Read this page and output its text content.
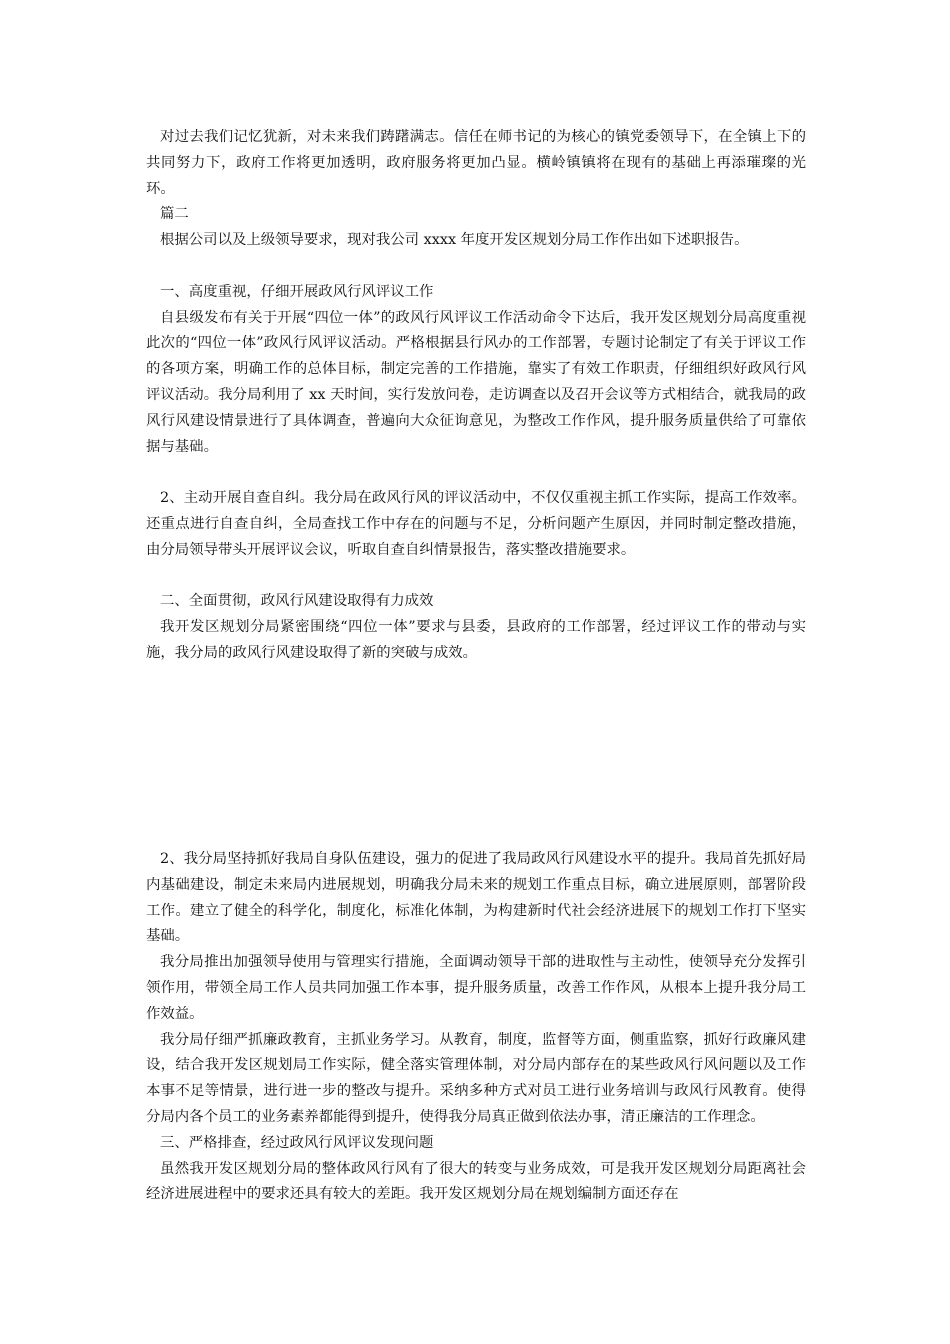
对过去我们记忆犹新，对未来我们踌躇满志。信任在师书记的为核心的镇党委领导下，在全镇上下的共同努力下，政府工作将更加透明，政府服务将更加凸显。横岭镇镇将在现有的基础上再添璀璨的光环。

篇二

根据公司以及上级领导要求，现对我公司 xxxx 年度开发区规划分局工作作出如下述职报告。

一、高度重视，仔细开展政风行风评议工作

自县级发布有关于开展“四位一体”的政风行风评议工作活动命令下达后，我开发区规划分局高度重视此次的“四位一体”政风行风评议活动。严格根据县行风办的工作部署，专题讨论制定了有关于评议工作的各项方案，明确工作的总体目标，制定完善的工作措施，靠实了有效工作职责，仔细组织好政风行风评议活动。我分局利用了 xx 天时间，实行发放问卷，走访调查以及召开会议等方式相结合，就我局的政风行风建设情景进行了具体调查，普遍向大众征询意见，为整改工作作风，提升服务质量供给了可靠依据与基础。

2、主动开展自查自纠。我分局在政风行风的评议活动中，不仅仅重视主抓工作实际，提高工作效率。还重点进行自查自纠，全局查找工作中存在的问题与不足，分析问题产生原因，并同时制定整改措施，由分局领导带头开展评议会议，听取自查自纠情景报告，落实整改措施要求。

二、全面贯彻，政风行风建设取得有力成效

我开发区规划分局紧密围绕“四位一体”要求与县委，县政府的工作部署，经过评议工作的带动与实施，我分局的政风行风建设取得了新的突破与成效。

2、我分局坚持抓好我局自身队伍建设，强力的促进了我局政风行风建设水平的提升。我局首先抓好局内基础建设，制定未来局内进展规划，明确我分局未来的规划工作重点目标，确立进展原则，部署阶段工作。建立了健全的科学化，制度化，标准化体制，为构建新时代社会经济进展下的规划工作打下坚实基础。

我分局推出加强领导使用与管理实行措施，全面调动领导干部的进取性与主动性，使领导充分发挥引领作用，带领全局工作人员共同加强工作本事，提升服务质量，改善工作作风，从根本上提升我分局工作效益。

我分局仔细严抓廉政教育，主抓业务学习。从教育，制度，监督等方面，侧重监察，抓好行政廉风建设，结合我开发区规划局工作实际，健全落实管理体制，对分局内部存在的某些政风行风问题以及工作本事不足等情景，进行进一步的整改与提升。采纳多种方式对员工进行业务培训与政风行风教育。使得分局内各个员工的业务素养都能得到提升，使得我分局真正做到依法办事，清正廉洁的工作理念。

三、严格排查，经过政风行风评议发现问题

虽然我开发区规划分局的整体政风行风有了很大的转变与业务成效，可是我开发区规划分局距离社会经济进展进程中的要求还具有较大的差距。我开发区规划分局在规划编制方面还存在
